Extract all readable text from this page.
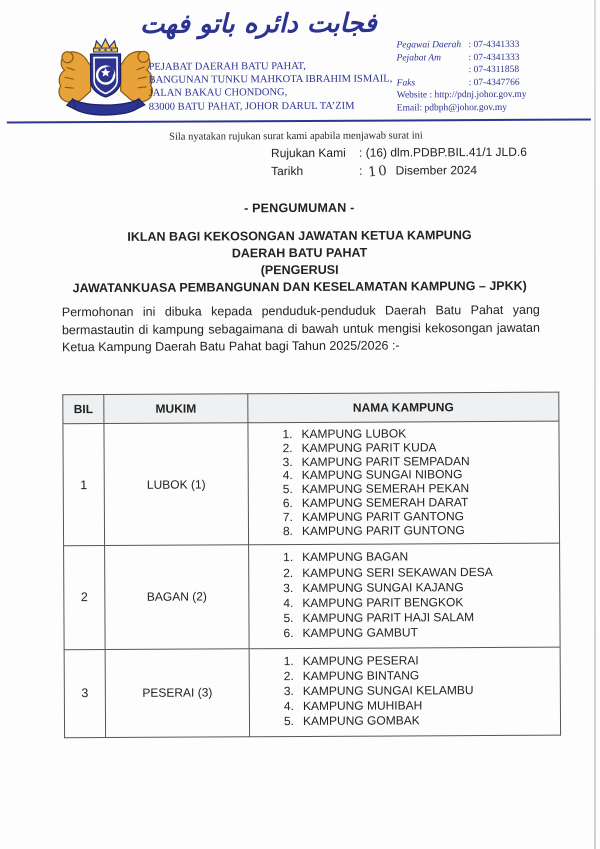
فجابت دائره باتو فهت
PEJABAT DAERAH BATU PAHAT,
BANGUNAN TUNKU MAHKOTA IBRAHIM ISMAIL,
JALAN BAKAU CHONDONG,
83000 BATU PAHAT, JOHOR DARUL TA’ZIM
Pegawai Daerah : 07-4341333
Pejabat Am	: 07-4341333
: 07-4311858
Faks	: 07-4347766
Website : http://pdnj.johor.gov.my
Email: pdbph@johor.gov.my
Sila nyatakan rujukan surat kami apabila menjawab surat ini
Rujukan Kami	: (16) dlm.PDBP.BIL.41/1 JLD.6
Tarikh	: 10 Disember 2024
- PENGUMUMAN -
IKLAN BAGI KEKOSONGAN JAWATAN KETUA KAMPUNG
DAERAH BATU PAHAT
(PENGERUSI
JAWATANKUASA PEMBANGUNAN DAN KESELAMATAN KAMPUNG – JPKK)
Permohonan ini dibuka kepada penduduk-penduduk Daerah Batu Pahat yang bermastautin di kampung sebagaimana di bawah untuk mengisi kekosongan jawatan Ketua Kampung Daerah Batu Pahat bagi Tahun 2025/2026 :-
BIL	MUKIM	NAMA KAMPUNG
1	LUBOK (1)	
1. KAMPUNG LUBOK
2. KAMPUNG PARIT KUDA
3. KAMPUNG PARIT SEMPADAN
4. KAMPUNG SUNGAI NIBONG
5. KAMPUNG SEMERAH PEKAN
6. KAMPUNG SEMERAH DARAT
7. KAMPUNG PARIT GANTONG
8. KAMPUNG PARIT GUNTONG

2	BAGAN (2)	
1. KAMPUNG BAGAN
2. KAMPUNG SERI SEKAWAN DESA
3. KAMPUNG SUNGAI KAJANG
4. KAMPUNG PARIT BENGKOK
5. KAMPUNG PARIT HAJI SALAM
6. KAMPUNG GAMBUT

3	PESERAI (3)	
1. KAMPUNG PESERAI
2. KAMPUNG BINTANG
3. KAMPUNG SUNGAI KELAMBU
4. KAMPUNG MUHIBAH
5. KAMPUNG GOMBAK
